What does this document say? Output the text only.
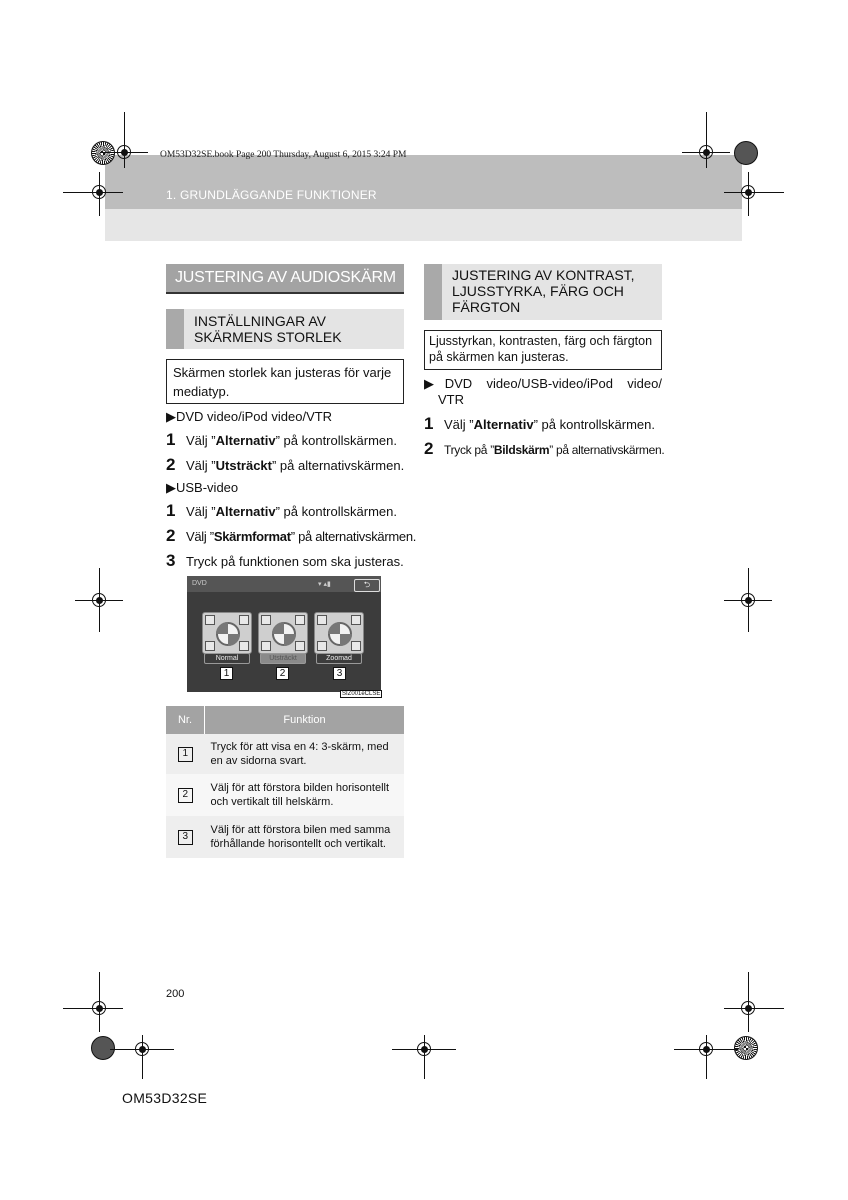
OM53D32SE.book Page 200 Thursday, August 6, 2015 3:24 PM
1. GRUNDLÄGGANDE FUNKTIONER
JUSTERING AV AUDIOSKÄRM
INSTÄLLNINGAR AV
SKÄRMENS STORLEK
Skärmen storlek kan justeras för varje
mediatyp.
▶DVD video/iPod video/VTR
1 Välj ”Alternativ” på kontrollskärmen.
2 Välj ”Utsträckt” på alternativskärmen.
▶USB-video
1 Välj ”Alternativ” på kontrollskärmen.
2 Välj ”Skärmformat” på alternativskärmen.
3 Tryck på funktionen som ska justeras.
DVD	▾ ▴▮	⮌
Normal	Utsträckt	Zoomad
1	2	3
SIZ001eCLSE
Nr.	Funktion
1	Tryck för att visa en 4: 3-skärm, med en av sidorna svart.
2	Välj för att förstora bilden horisontellt och vertikalt till helskärm.
3	Välj för att förstora bilen med samma förhållande horisontellt och vertikalt.
JUSTERING AV KONTRAST,
LJUSSTYRKA, FÄRG OCH
FÄRGTON
Ljusstyrkan, kontrasten, färg och färgton
på skärmen kan justeras.
▶DVD video/USB-video/iPod video/
VTR
1 Välj ”Alternativ” på kontrollskärmen.
2 Tryck på ”Bildskärm” på alternativskärmen.
200
OM53D32SE
